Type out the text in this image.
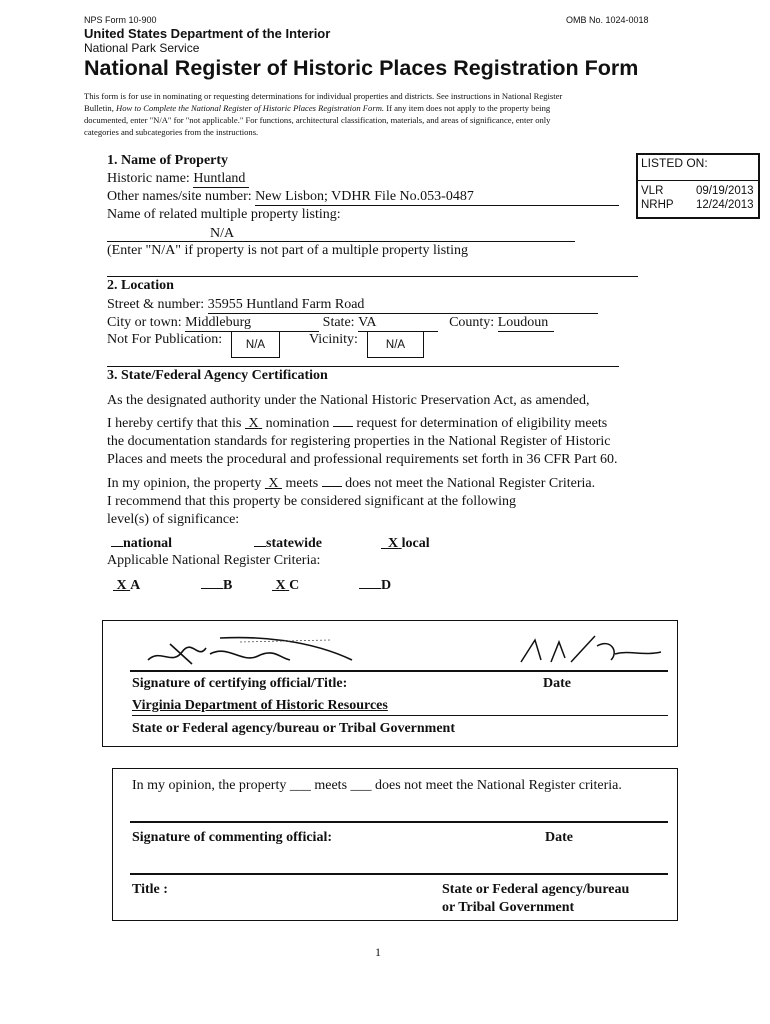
NPS Form 10-900	OMB No. 1024-0018
United States Department of the Interior
National Park Service
National Register of Historic Places Registration Form
This form is for use in nominating or requesting determinations for individual properties and districts. See instructions in National Register
Bulletin, How to Complete the National Register of Historic Places Registration Form. If any item does not apply to the property being
documented, enter "N/A" for "not applicable." For functions, architectural classification, materials, and areas of significance, enter only
categories and subcategories from the instructions.
LISTED ON:
VLR	09/19/2013
NRHP 12/24/2013
1. Name of Property
Historic name: Huntland
Other names/site number: New Lisbon; VDHR File No.053-0487
Name of related multiple property listing:
N/A
(Enter "N/A" if property is not part of a multiple property listing
2. Location
Street & number: 35955 Huntland Farm Road
City or town: Middleburg	State: VA	County: Loudoun
Not For Publication:	N/A	Vicinity:	N/A
3. State/Federal Agency Certification
As the designated authority under the National Historic Preservation Act, as amended,
I hereby certify that this X nomination request for determination of eligibility meets
the documentation standards for registering properties in the National Register of Historic
Places and meets the procedural and professional requirements set forth in 36 CFR Part 60.
In my opinion, the property X meets does not meet the National Register Criteria.
I recommend that this property be considered significant at the following
level(s) of significance:
national	statewide	X local
Applicable National Register Criteria:
X A	B	X C	D
Signature of certifying official/Title:	Date
Virginia Department of Historic Resources
State or Federal agency/bureau or Tribal Government
In my opinion, the property ___ meets ___ does not meet the National Register criteria.
Signature of commenting official:	Date
Title :	State or Federal agency/bureau
or Tribal Government
1
